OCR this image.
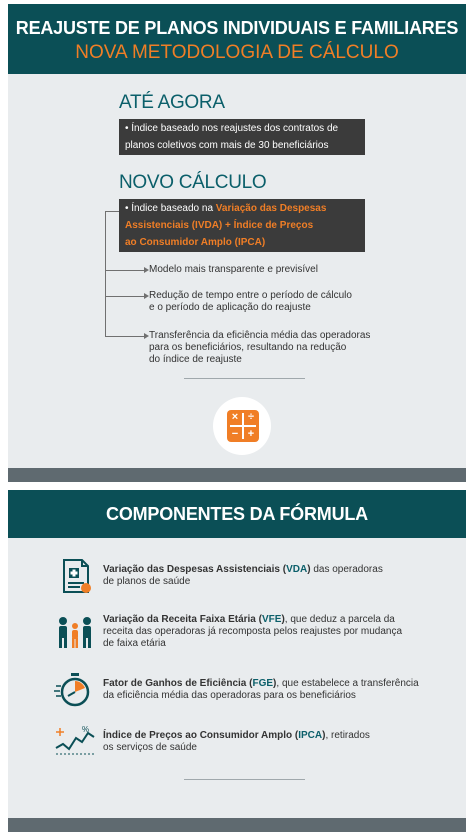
REAJUSTE DE PLANOS INDIVIDUAIS E FAMILIARES
NOVA METODOLOGIA DE CÁLCULO
ATÉ AGORA
• Índice baseado nos reajustes dos contratos de
planos coletivos com mais de 30 beneficiários
NOVO CÁLCULO
• Índice baseado na Variação das Despesas
Assistenciais (IVDA) + Índice de Preços
ao Consumidor Amplo (IPCA)
Modelo mais transparente e previsível
Redução de tempo entre o período de cálculo
e o período de aplicação do reajuste
Transferência da eficiência média das operadoras
para os beneficiários, resultando na redução
do índice de reajuste
× ÷
− +
COMPONENTES DA FÓRMULA
Variação das Despesas Assistenciais (VDA) das operadoras
de planos de saúde
Variação da Receita Faixa Etária (VFE), que deduz a parcela da
receita das operadoras já recomposta pelos reajustes por mudança
de faixa etária
Fator de Ganhos de Eficiência (FGE), que estabelece a transferência
da eficiência média das operadoras para os beneficiários
%
Índice de Preços ao Consumidor Amplo (IPCA), retirados
os serviços de saúde
